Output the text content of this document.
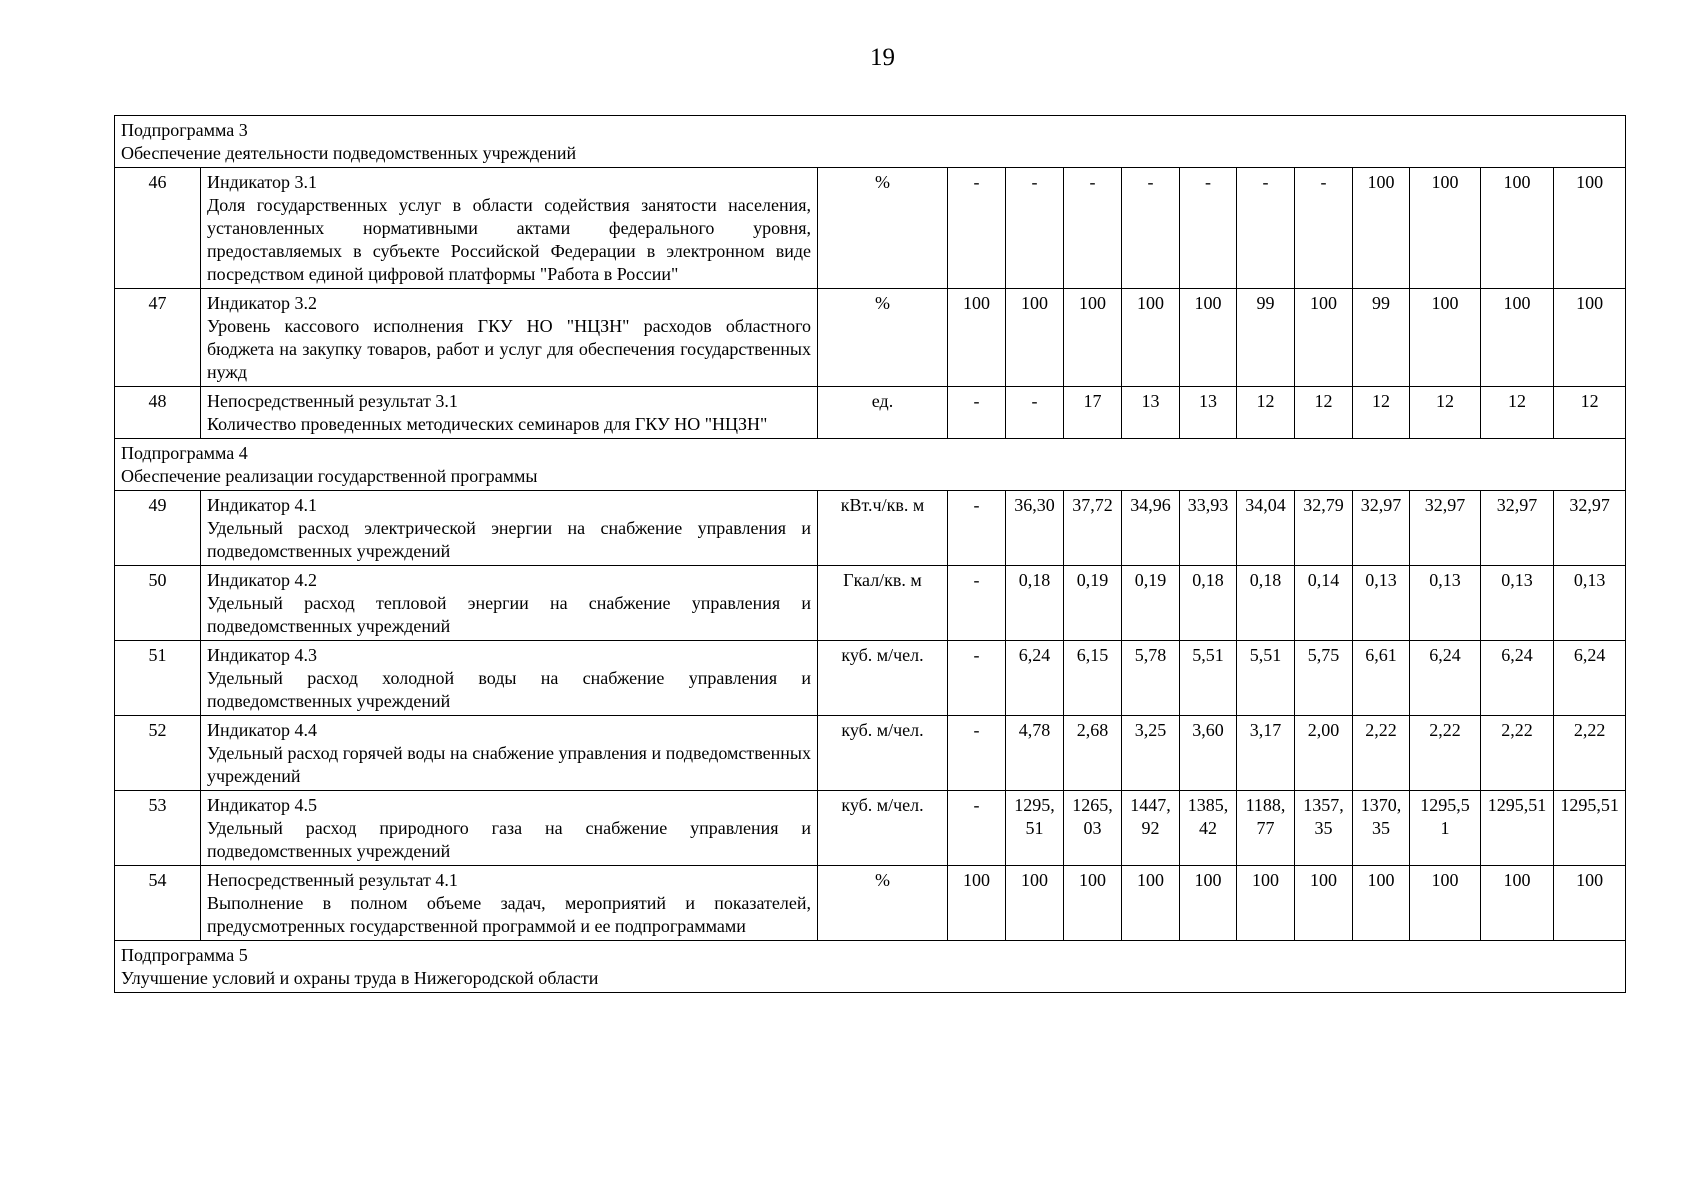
19
Подпрограмма 3
Обеспечение деятельности подведомственных учреждений													

46	Индикатор 3.1
Доля государственных услуг в области содействия занятости населения, установленных нормативными актами федерального уровня, предоставляемых в субъекте Российской Федерации в электронном виде посредством единой цифровой платформы "Работа в России"	%	-	-	-	-	-	-	-	100	100	100	100
47	Индикатор 3.2
Уровень кассового исполнения ГКУ НО "НЦЗН" расходов областного бюджета на закупку товаров, работ и услуг для обеспечения государственных нужд	%	100	100	100	100	100	99	100	99	100	100	100
48	Непосредственный результат 3.1
Количество проведенных методических семинаров для ГКУ НО "НЦЗН"	ед.	-	-	17	13	13	12	12	12	12	12	12

Подпрограмма 4
Обеспечение реализации государственной программы													

49	Индикатор 4.1
Удельный расход электрической энергии на снабжение управления и подведомственных учреждений	кВт.ч/кв. м	-	36,30	37,72	34,96	33,93	34,04	32,79	32,97	32,97	32,97	32,97
50	Индикатор 4.2
Удельный расход тепловой энергии на снабжение управления и подведомственных учреждений	Гкал/кв. м	-	0,18	0,19	0,19	0,18	0,18	0,14	0,13	0,13	0,13	0,13
51	Индикатор 4.3
Удельный расход холодной воды на снабжение управления и подведомственных учреждений	куб. м/чел.	-	6,24	6,15	5,78	5,51	5,51	5,75	6,61	6,24	6,24	6,24
52	Индикатор 4.4
Удельный расход горячей воды на снабжение управления и подведомственных учреждений	куб. м/чел.	-	4,78	2,68	3,25	3,60	3,17	2,00	2,22	2,22	2,22	2,22
53	Индикатор 4.5
Удельный расход природного газа на снабжение управления и подведомственных учреждений	куб. м/чел.	-	1295,51	1265,03	1447,92	1385,42	1188,77	1357,35	1370,35	1295,51	1295,51	1295,51
54	Непосредственный результат 4.1
Выполнение в полном объеме задач, мероприятий и показателей, предусмотренных государственной программой и ее подпрограммами	%	100	100	100	100	100	100	100	100	100	100	100

Подпрограмма 5
Улучшение условий и охраны труда в Нижегородской области													
